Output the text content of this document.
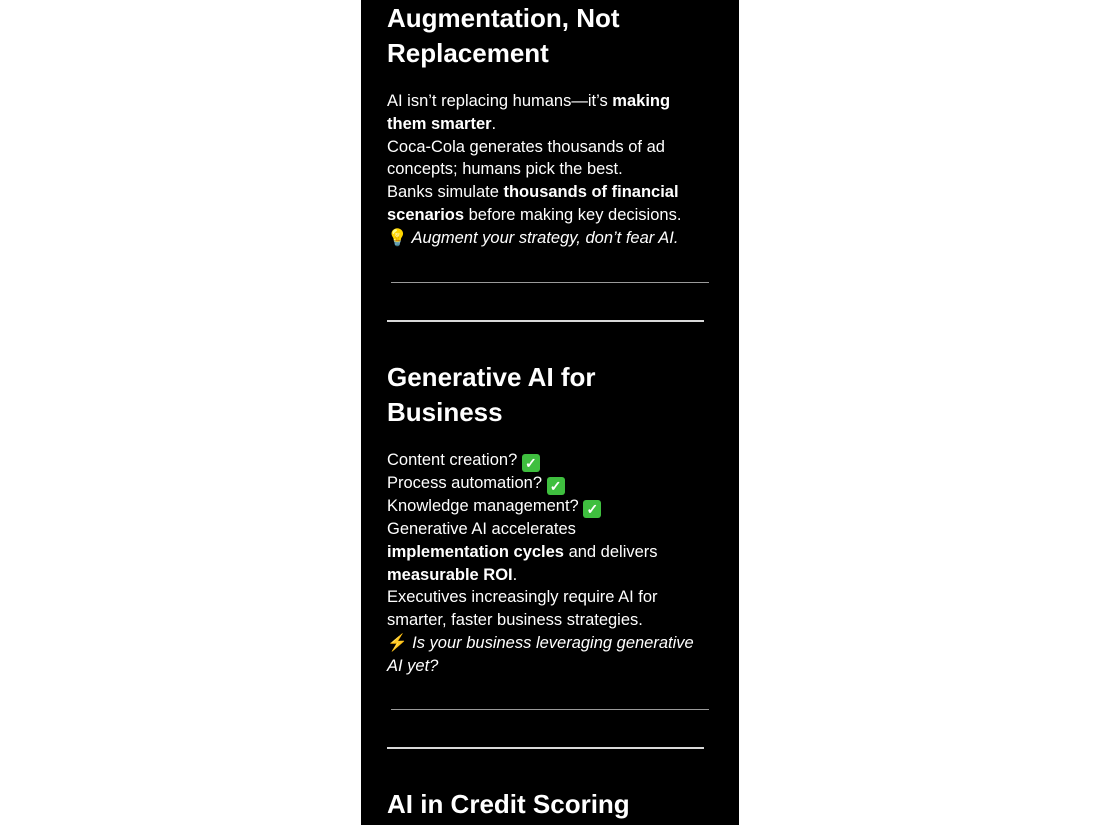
Augmentation, Not Replacement
AI isn’t replacing humans—it’s making
them smarter.
Coca-Cola generates thousands of ad
concepts; humans pick the best.
Banks simulate thousands of financial
scenarios before making key decisions.
💡 Augment your strategy, don’t fear AI.
Generative AI for Business
Content creation? ✓
Process automation? ✓
Knowledge management? ✓
Generative AI accelerates
implementation cycles and delivers
measurable ROI.
Executives increasingly require AI for
smarter, faster business strategies.
⚡ Is your business leveraging generative
AI yet?
AI in Credit Scoring
